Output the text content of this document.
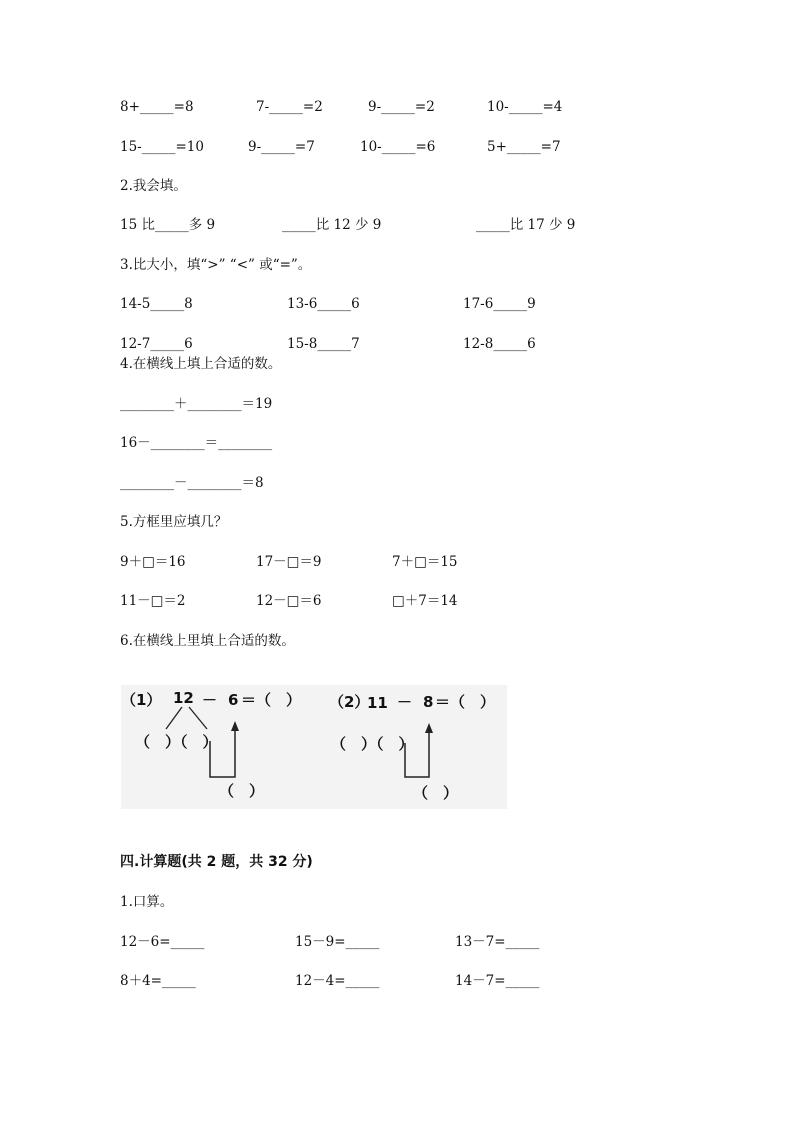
8+_____=8	7-_____=2	9-_____=2	10-_____=4
15-_____=10	9-_____=7	10-_____=6	5+_____=7
2.我会填。
15 比_____多 9	_____比 12 少 9	_____比 17 少 9
3.比大小，填“>” “<” 或“=”。
14-5_____8	13-6_____6	17-6_____9
12-7_____6	15-8_____7	12-8_____6
4.在横线上填上合适的数。
________＋________＝19
16－________＝________
________－________＝8
5.方框里应填几？
9＋□＝16	17－□＝9	7＋□＝15
11－□＝2	12－□＝6	□＋7＝14
6.在横线上里填上合适的数。
（1） 12 － 6 ＝（　）
（　）（　）
（　）
（2）
11 － 8 ＝（　）
（　）（　）
（　）
四.计算题(共 2 题，共 32 分)
1.口算。
12－6=_____	15－9=_____	13－7=_____
8＋4=_____	12－4=_____	14－7=_____
